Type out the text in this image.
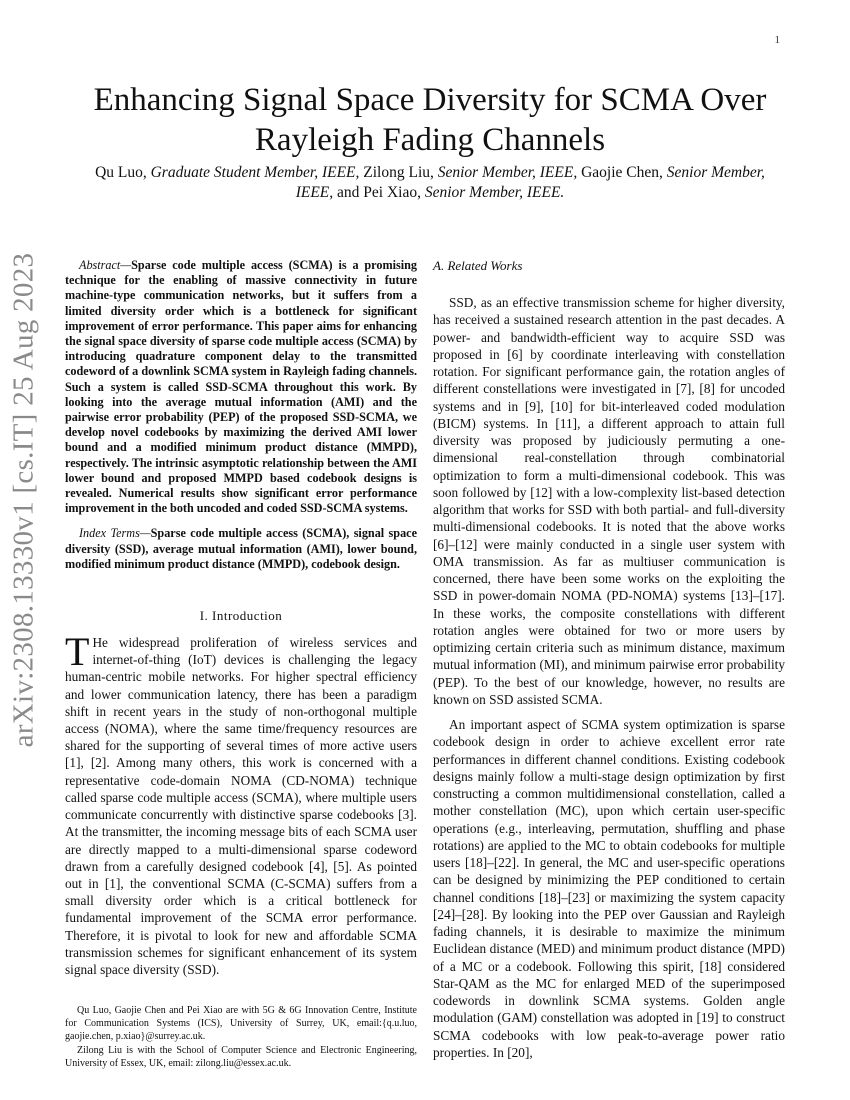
1
arXiv:2308.13330v1 [cs.IT] 25 Aug 2023
Enhancing Signal Space Diversity for SCMA Over Rayleigh Fading Channels
Qu Luo, Graduate Student Member, IEEE, Zilong Liu, Senior Member, IEEE, Gaojie Chen, Senior Member, IEEE, and Pei Xiao, Senior Member, IEEE.

Abstract—Sparse code multiple access (SCMA) is a promising technique for the enabling of massive connectivity in future machine-type communication networks, but it suffers from a limited diversity order which is a bottleneck for significant improvement of error performance. This paper aims for enhancing the signal space diversity of sparse code multiple access (SCMA) by introducing quadrature component delay to the transmitted codeword of a downlink SCMA system in Rayleigh fading channels. Such a system is called SSD-SCMA throughout this work. By looking into the average mutual information (AMI) and the pairwise error probability (PEP) of the proposed SSD-SCMA, we develop novel codebooks by maximizing the derived AMI lower bound and a modified minimum product distance (MMPD), respectively. The intrinsic asymptotic relationship between the AMI lower bound and proposed MMPD based codebook designs is revealed. Numerical results show significant error performance improvement in the both uncoded and coded SSD-SCMA systems.

Index Terms—Sparse code multiple access (SCMA), signal space diversity (SSD), average mutual information (AMI), lower bound, modified minimum product distance (MMPD), codebook design.

I. Introduction

T He widespread proliferation of wireless services and internet-of-thing (IoT) devices is challenging the legacy human-centric mobile networks. For higher spectral efficiency and lower communication latency, there has been a paradigm shift in recent years in the study of non-orthogonal multiple access (NOMA), where the same time/frequency resources are shared for the supporting of several times of more active users [1], [2]. Among many others, this work is concerned with a representative code-domain NOMA (CD-NOMA) technique called sparse code multiple access (SCMA), where multiple users communicate concurrently with distinctive sparse codebooks [3]. At the transmitter, the incoming message bits of each SCMA user are directly mapped to a multi-dimensional sparse codeword drawn from a carefully designed codebook [4], [5]. As pointed out in [1], the conventional SCMA (C-SCMA) suffers from a small diversity order which is a critical bottleneck for fundamental improvement of the SCMA error performance. Therefore, it is pivotal to look for new and affordable SCMA transmission schemes for significant enhancement of its system signal space diversity (SSD).

Qu Luo, Gaojie Chen and Pei Xiao are with 5G & 6G Innovation Centre, Institute for Communication Systems (ICS), University of Surrey, UK, email:{q.u.luo, gaojie.chen, p.xiao}@surrey.ac.uk.

Zilong Liu is with the School of Computer Science and Electronic Engineering, University of Essex, UK, email: zilong.liu@essex.ac.uk.

A. Related Works

SSD, as an effective transmission scheme for higher diversity, has received a sustained research attention in the past decades. A power- and bandwidth-efficient way to acquire SSD was proposed in [6] by coordinate interleaving with constellation rotation. For significant performance gain, the rotation angles of different constellations were investigated in [7], [8] for uncoded systems and in [9], [10] for bit-interleaved coded modulation (BICM) systems. In [11], a different approach to attain full diversity was proposed by judiciously permuting a one-dimensional real-constellation through combinatorial optimization to form a multi-dimensional codebook. This was soon followed by [12] with a low-complexity list-based detection algorithm that works for SSD with both partial- and full-diversity multi-dimensional codebooks. It is noted that the above works [6]–[12] were mainly conducted in a single user system with OMA transmission. As far as multiuser communication is concerned, there have been some works on the exploiting the SSD in power-domain NOMA (PD-NOMA) systems [13]–[17]. In these works, the composite constellations with different rotation angles were obtained for two or more users by optimizing certain criteria such as minimum distance, maximum mutual information (MI), and minimum pairwise error probability (PEP). To the best of our knowledge, however, no results are known on SSD assisted SCMA.

An important aspect of SCMA system optimization is sparse codebook design in order to achieve excellent error rate performances in different channel conditions. Existing codebook designs mainly follow a multi-stage design optimization by first constructing a common multidimensional constellation, called a mother constellation (MC), upon which certain user-specific operations (e.g., interleaving, permutation, shuffling and phase rotations) are applied to the MC to obtain codebooks for multiple users [18]–[22]. In general, the MC and user-specific operations can be designed by minimizing the PEP conditioned to certain channel conditions [18]–[23] or maximizing the system capacity [24]–[28]. By looking into the PEP over Gaussian and Rayleigh fading channels, it is desirable to maximize the minimum Euclidean distance (MED) and minimum product distance (MPD) of a MC or a codebook. Following this spirit, [18] considered Star-QAM as the MC for enlarged MED of the superimposed codewords in downlink SCMA systems. Golden angle modulation (GAM) constellation was adopted in [19] to construct SCMA codebooks with low peak-to-average power ratio properties. In [20],
